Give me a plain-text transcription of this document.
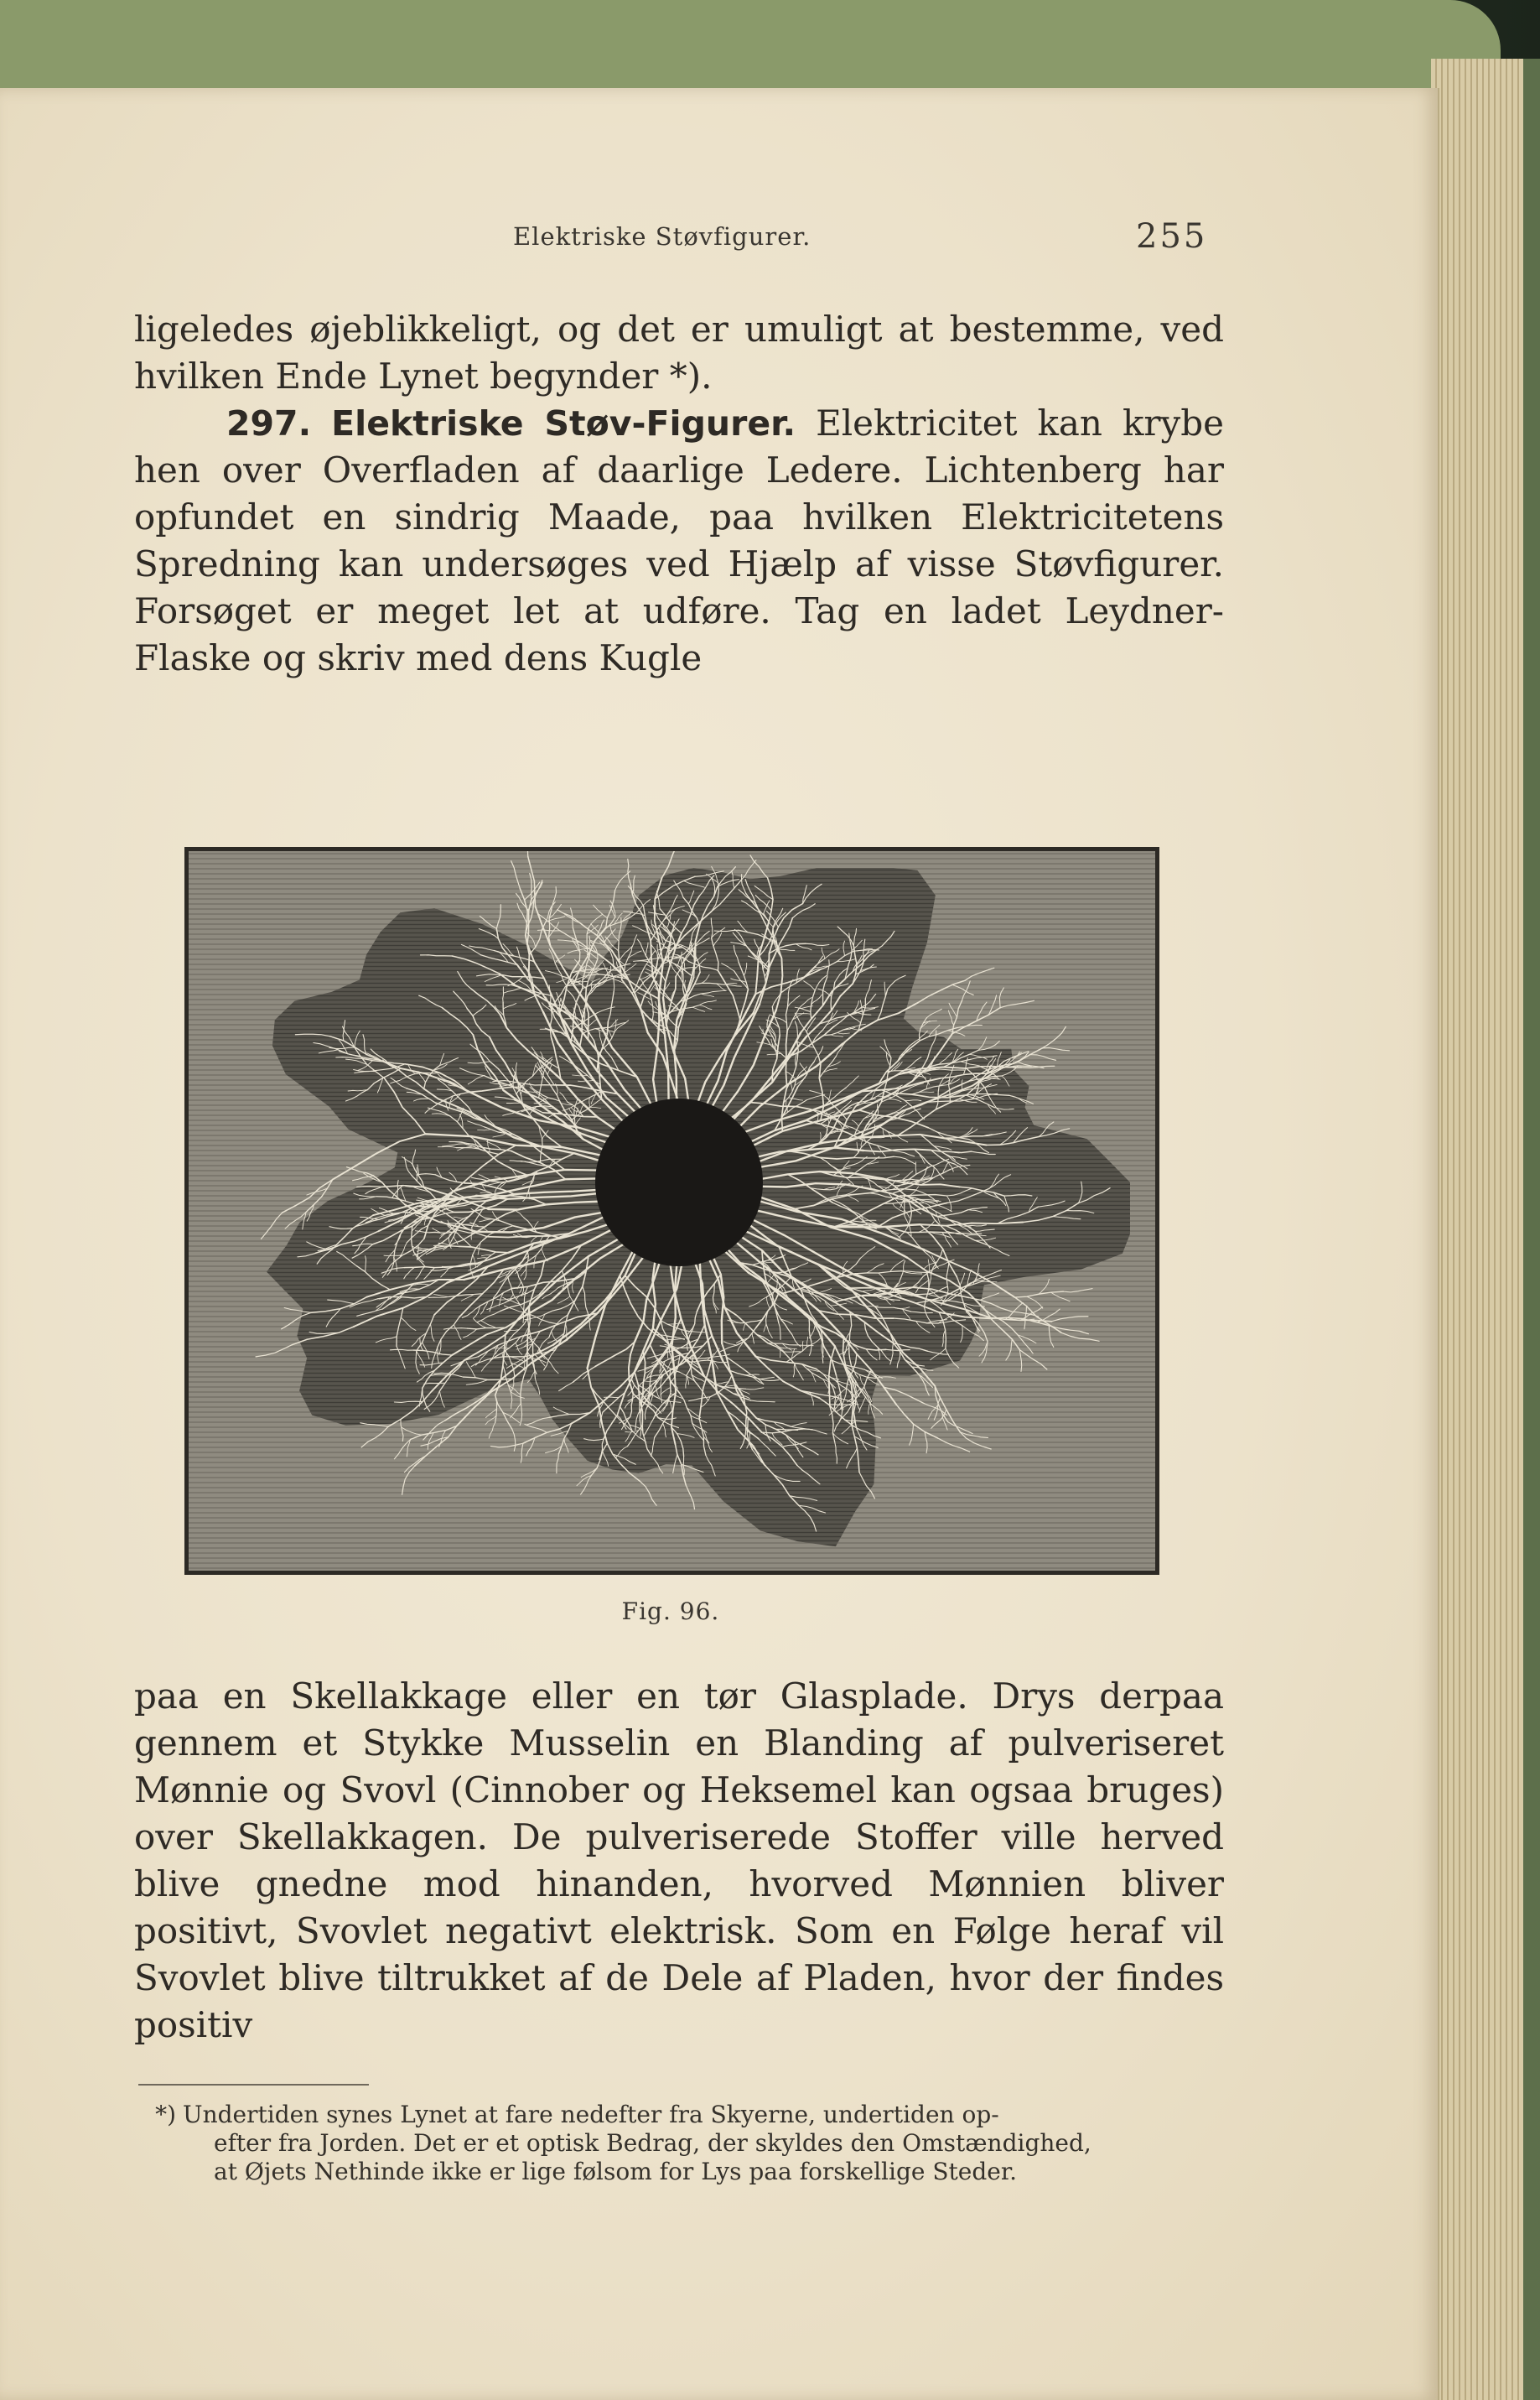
Elektriske Støvfigurer.	255

ligeledes øjeblikkeligt, og det er umuligt at bestemme, ved hvilken Ende Lynet begynder *).

297. Elektriske Støv-Figurer. Elektricitet kan krybe hen over Overfladen af daarlige Ledere. Lichtenberg har opfundet en sindrig Maade, paa hvilken Elektricitetens Spredning kan undersøges ved Hjælp af visse Støvfigurer. Forsøget er meget let at udføre. Tag en ladet Leydner-Flaske og skriv med dens Kugle

Fig. 96.

paa en Skellakkage eller en tør Glasplade. Drys derpaa gennem et Stykke Musselin en Blanding af pulveriseret Mønnie og Svovl (Cinnober og Heksemel kan ogsaa bruges) over Skellakkagen. De pulveriserede Stoffer ville herved blive gnedne mod hinanden, hvorved Mønnien bliver positivt, Svovlet negativt elektrisk. Som en Følge heraf vil Svovlet blive tiltrukket af de Dele af Pladen, hvor der findes positiv

*) Undertiden synes Lynet at fare nedefter fra Skyerne, undertiden op-
efter fra Jorden. Det er et optisk Bedrag, der skyldes den Omstændighed,
at Øjets Nethinde ikke er lige følsom for Lys paa forskellige Steder.
